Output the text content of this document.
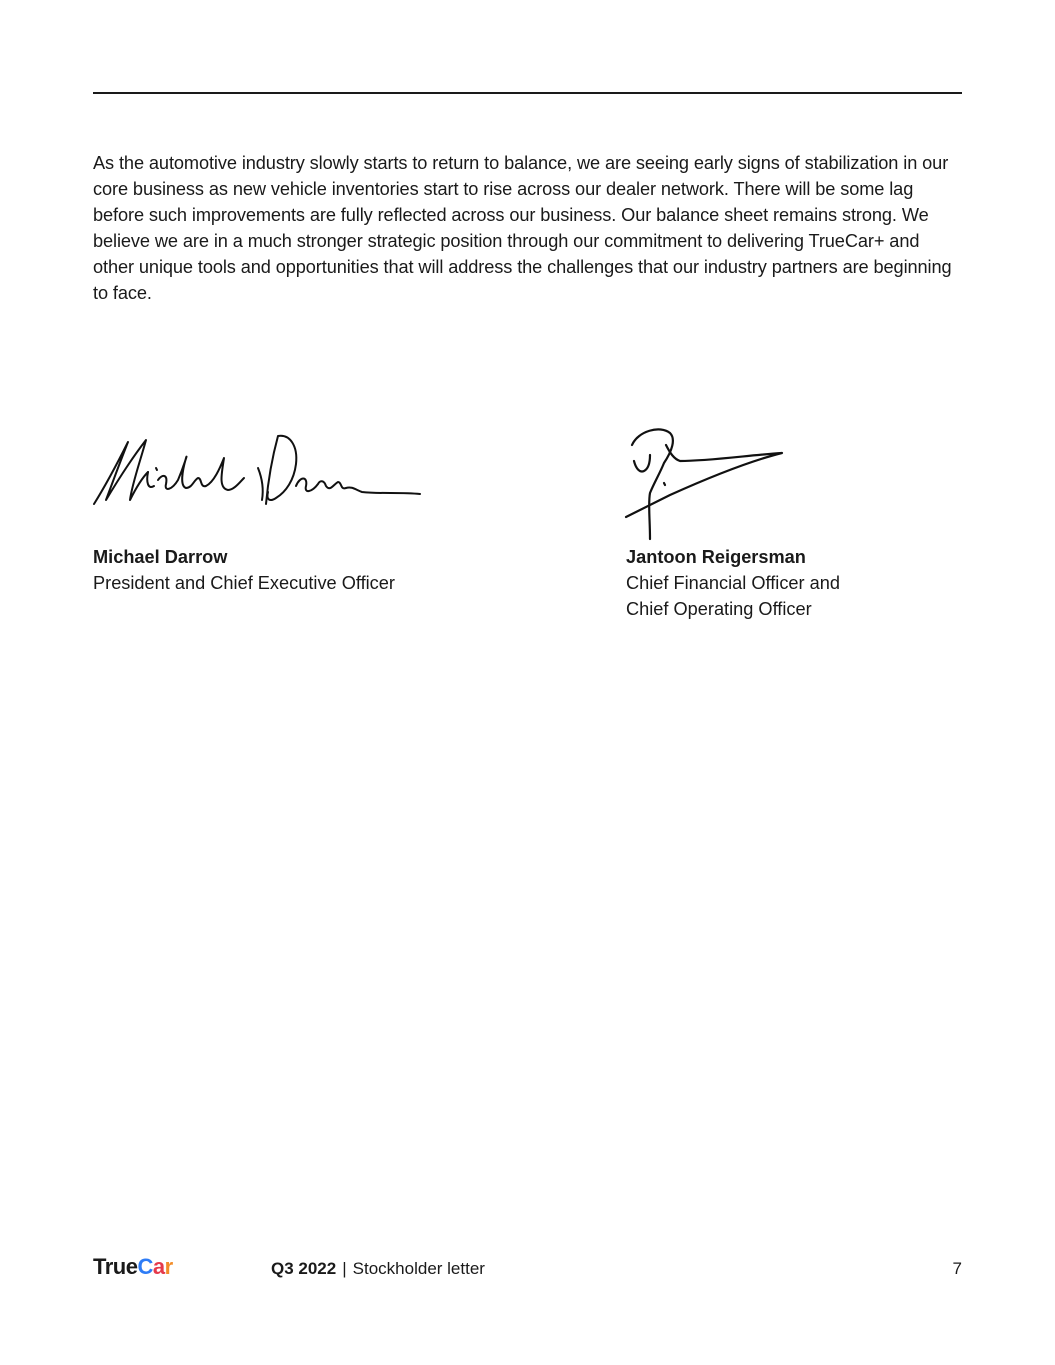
As the automotive industry slowly starts to return to balance, we are seeing early signs of stabilization in our core business as new vehicle inventories start to rise across our dealer network. There will be some lag before such improvements are fully reflected across our business. Our balance sheet remains strong. We believe we are in a much stronger strategic position through our commitment to delivering TrueCar+ and other unique tools and opportunities that will address the challenges that our industry partners are beginning to face.

Michael Darrow
President and Chief Executive Officer
Jantoon Reigersman
Chief Financial Officer and
Chief Operating Officer
TrueCar	Q3 2022 | Stockholder letter	7
